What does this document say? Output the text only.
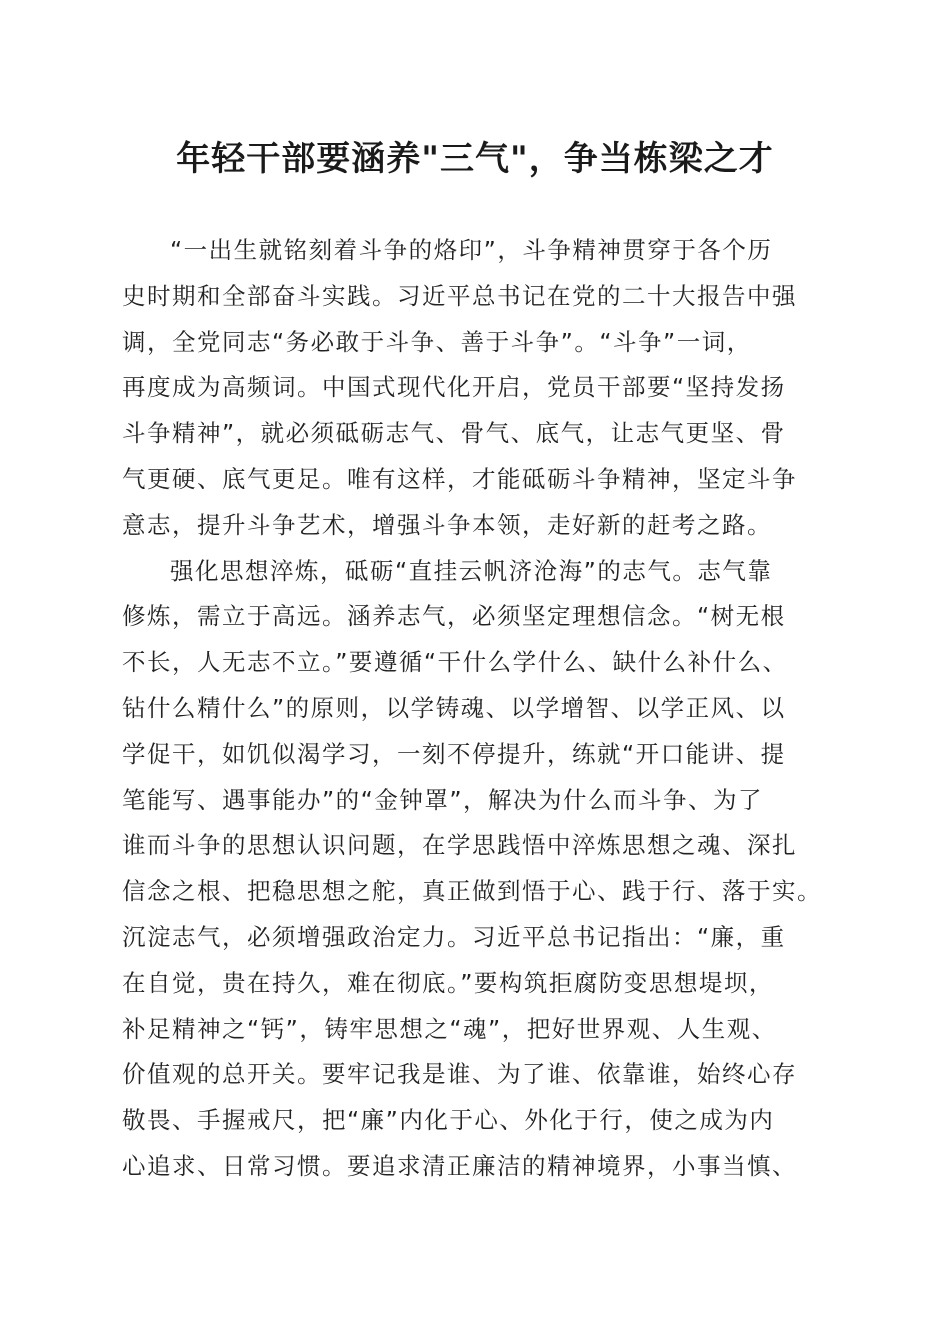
年轻干部要涵养"三气"，争当栋梁之才
“一出生就铭刻着斗争的烙印”，斗争精神贯穿于各个历
史时期和全部奋斗实践。习近平总书记在党的二十大报告中强
调，全党同志“务必敢于斗争、善于斗争”。“斗争”一词，
再度成为高频词。中国式现代化开启，党员干部要“坚持发扬
斗争精神”，就必须砥砺志气、骨气、底气，让志气更坚、骨
气更硬、底气更足。唯有这样，才能砥砺斗争精神，坚定斗争
意志，提升斗争艺术，增强斗争本领，走好新的赶考之路。
强化思想淬炼，砥砺“直挂云帆济沧海”的志气。志气靠
修炼，需立于高远。涵养志气，必须坚定理想信念。“树无根
不长，人无志不立。”要遵循“干什么学什么、缺什么补什么、
钻什么精什么”的原则，以学铸魂、以学增智、以学正风、以
学促干，如饥似渴学习，一刻不停提升，练就“开口能讲、提
笔能写、遇事能办”的“金钟罩”，解决为什么而斗争、为了
谁而斗争的思想认识问题，在学思践悟中淬炼思想之魂、深扎
信念之根、把稳思想之舵，真正做到悟于心、践于行、落于实。
沉淀志气，必须增强政治定力。习近平总书记指出：“廉，重
在自觉，贵在持久，难在彻底。”要构筑拒腐防变思想堤坝，
补足精神之“钙”，铸牢思想之“魂”，把好世界观、人生观、
价值观的总开关。要牢记我是谁、为了谁、依靠谁，始终心存
敬畏、手握戒尺，把“廉”内化于心、外化于行，使之成为内
心追求、日常习惯。要追求清正廉洁的精神境界，小事当慎、
